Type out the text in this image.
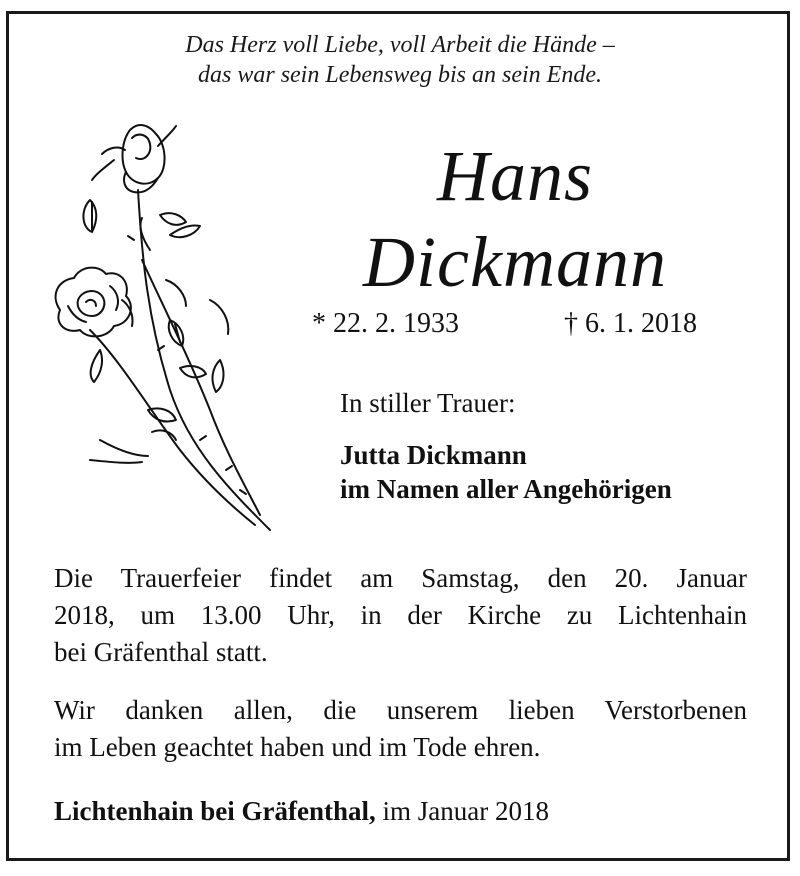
Das Herz voll Liebe, voll Arbeit die Hände –
das war sein Lebensweg bis an sein Ende.
Hans
Dickmann
* 22. 2. 1933	† 6. 1. 2018
In stiller Trauer:
Jutta Dickmann
im Namen aller Angehörigen
Die Trauerfeier findet am Samstag, den 20. Januar
2018, um 13.00 Uhr, in der Kirche zu Lichtenhain
bei Gräfenthal statt.
Wir danken allen, die unserem lieben Verstorbenen
im Leben geachtet haben und im Tode ehren.
Lichtenhain bei Gräfenthal, im Januar 2018
